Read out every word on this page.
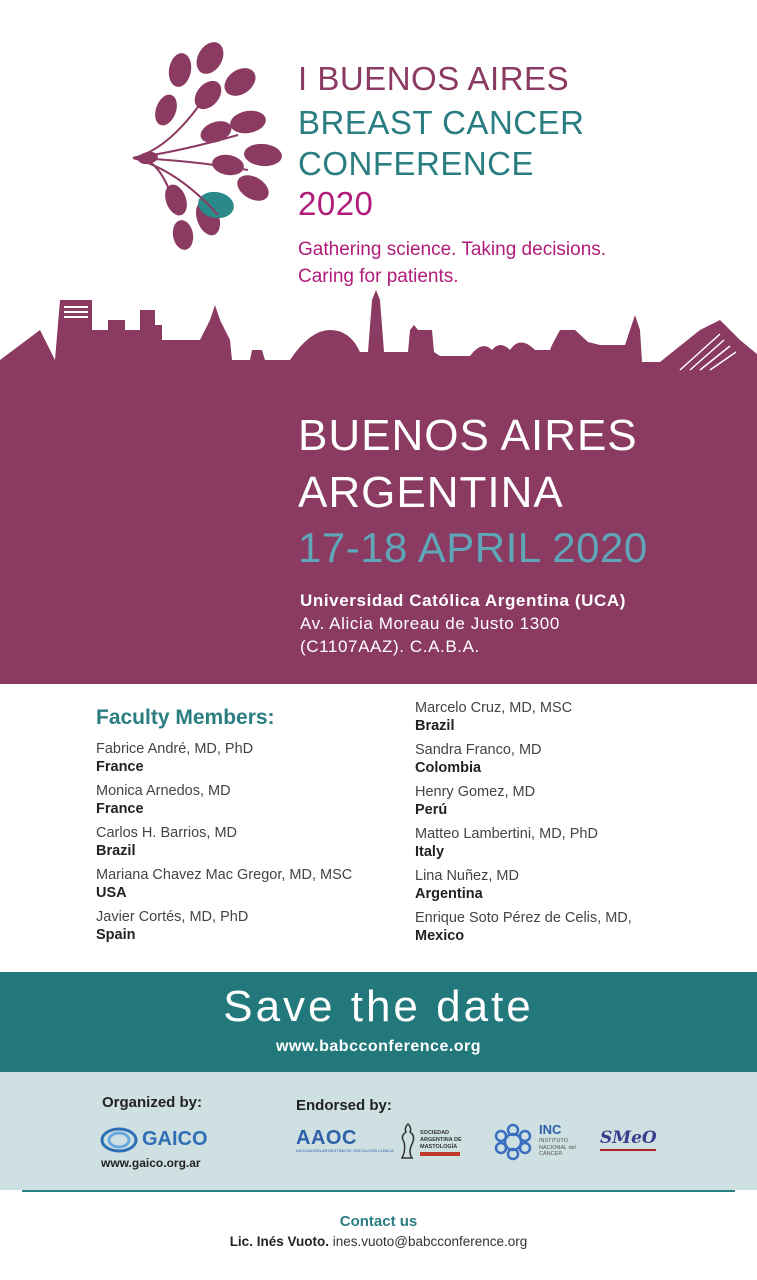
I BUENOS AIRES
BREAST CANCER
CONFERENCE
2020
Gathering science. Taking decisions.
Caring for patients.
BUENOS AIRES
ARGENTINA
17-18 APRIL 2020
Universidad Católica Argentina (UCA)
Av. Alicia Moreau de Justo 1300
(C1107AAZ). C.A.B.A.
Faculty Members:
Fabrice André, MD, PhD
France
Monica Arnedos, MD
France
Carlos H. Barrios, MD
Brazil
Mariana Chavez Mac Gregor, MD, MSC
USA
Javier Cortés, MD, PhD
Spain
Marcelo Cruz, MD, MSC
Brazil
Sandra Franco, MD
Colombia
Henry Gomez, MD
Perú
Matteo Lambertini, MD, PhD
Italy
Lina Nuñez, MD
Argentina
Enrique Soto Pérez de Celis, MD,
Mexico
Save the date
www.babcconference.org
Organized by:
GAICO
www.gaico.org.ar
Endorsed by:
AAOC
ASOCIACIÓN ARGENTINA DE ONCOLOGÍA CLÍNICA
SOCIEDAD ARGENTINA DE MASTOLOGÍA
INC
INSTITUTO NACIONAL del CÁNCER
SMeO
Contact us
Lic. Inés Vuoto. ines.vuoto@babcconference.org
